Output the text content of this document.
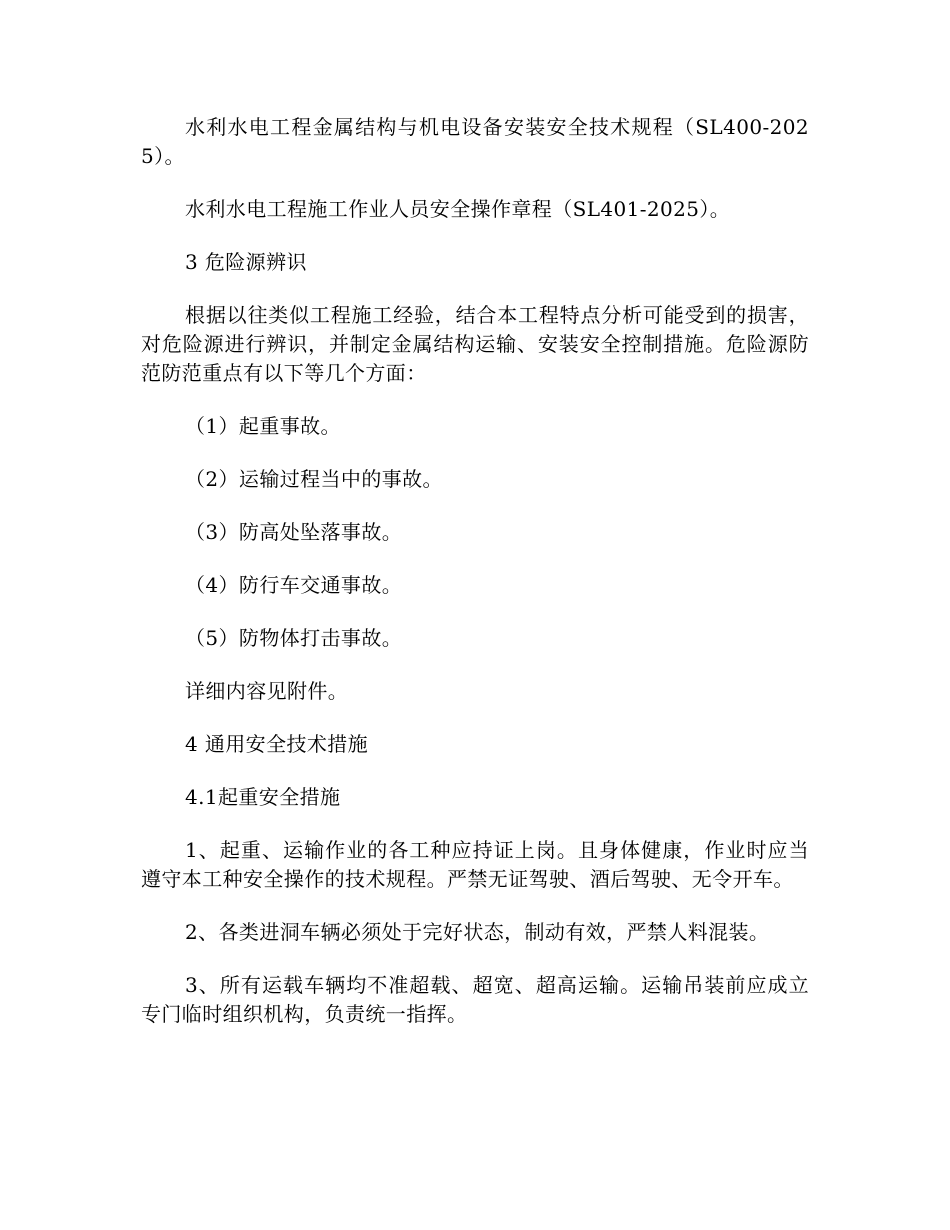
水利水电工程金属结构与机电设备安装安全技术规程（SL400-2025）。

水利水电工程施工作业人员安全操作章程（SL401-2025）。

3 危险源辨识

根据以往类似工程施工经验，结合本工程特点分析可能受到的损害，对危险源进行辨识，并制定金属结构运输、安装安全控制措施。危险源防范防范重点有以下等几个方面：

（1）起重事故。

（2）运输过程当中的事故。

（3）防高处坠落事故。

（4）防行车交通事故。

（5）防物体打击事故。

详细内容见附件。

4 通用安全技术措施

4.1起重安全措施

1、起重、运输作业的各工种应持证上岗。且身体健康，作业时应当遵守本工种安全操作的技术规程。严禁无证驾驶、酒后驾驶、无令开车。

2、各类进洞车辆必须处于完好状态，制动有效，严禁人料混装。

3、所有运载车辆均不准超载、超宽、超高运输。运输吊装前应成立专门临时组织机构，负责统一指挥。
